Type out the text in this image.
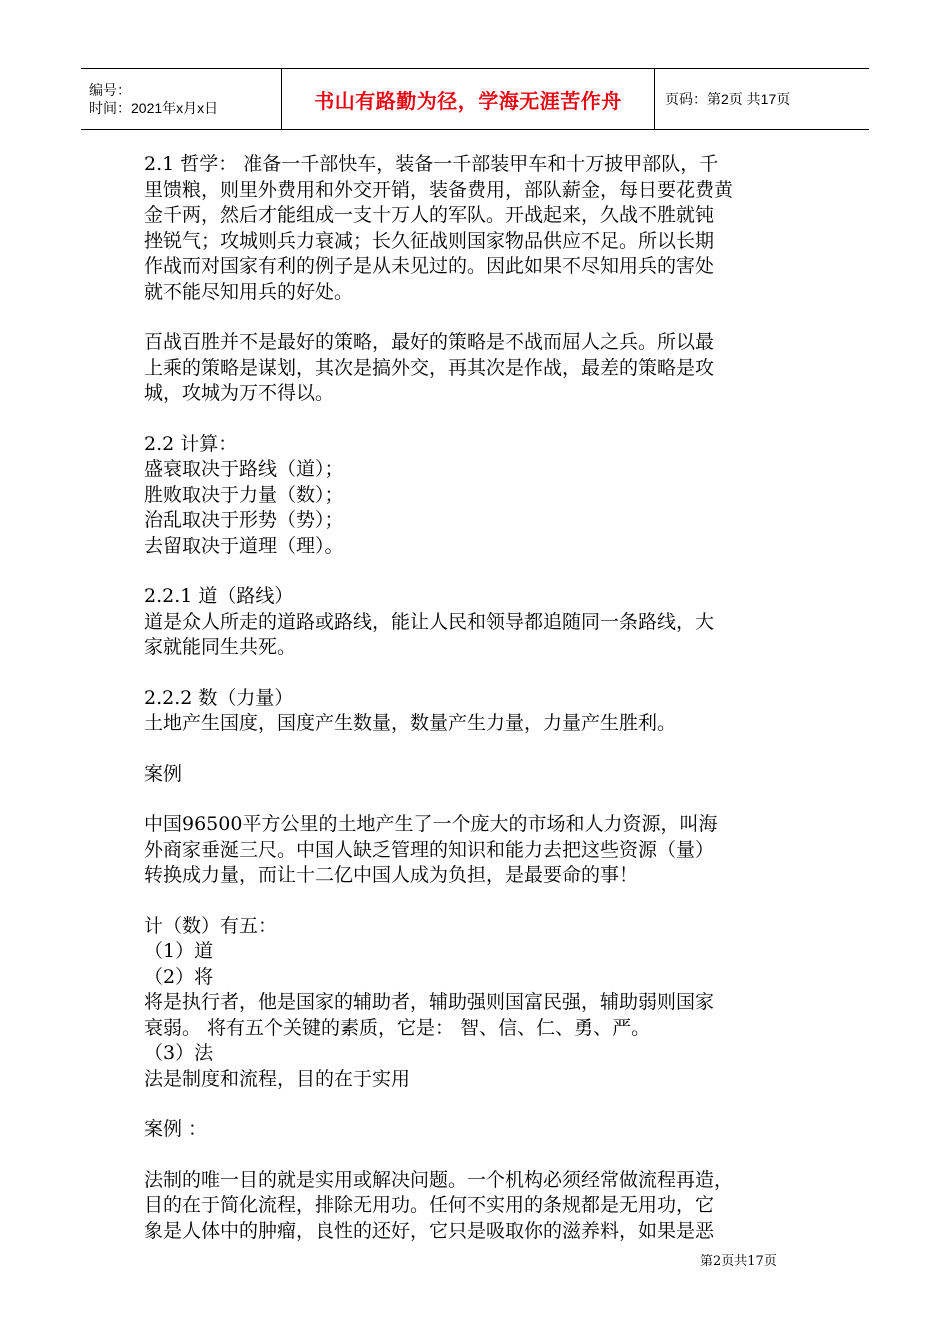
编号：
时间：2021年x月x日	书山有路勤为径，学海无涯苦作舟	页码：第2页 共17页

2.1 哲学： 准备一千部快车，装备一千部装甲车和十万披甲部队，千
里馈粮，则里外费用和外交开销，装备费用，部队薪金，每日要花费黄
金千两，然后才能组成一支十万人的军队。开战起来，久战不胜就钝
挫锐气；攻城则兵力衰减；长久征战则国家物品供应不足。所以长期
作战而对国家有利的例子是从未见过的。因此如果不尽知用兵的害处
就不能尽知用兵的好处。

百战百胜并不是最好的策略，最好的策略是不战而屈人之兵。所以最
上乘的策略是谋划，其次是搞外交，再其次是作战，最差的策略是攻
城，攻城为万不得以。

2.2 计算：
盛衰取决于路线（道）；
胜败取决于力量（数）；
治乱取决于形势（势）；
去留取决于道理（理）。

2.2.1 道（路线）
道是众人所走的道路或路线，能让人民和领导都追随同一条路线，大
家就能同生共死。

2.2.2 数（力量）
土地产生国度，国度产生数量，数量产生力量，力量产生胜利。

案例

中国96500平方公里的土地产生了一个庞大的市场和人力资源，叫海
外商家垂涎三尺。中国人缺乏管理的知识和能力去把这些资源（量）
转换成力量，而让十二亿中国人成为负担，是最要命的事！

计（数）有五：
（1）道
（2）将
将是执行者，他是国家的辅助者，辅助强则国富民强，辅助弱则国家
衰弱。 将有五个关键的素质，它是： 智、信、仁、勇、严。
（3）法
法是制度和流程，目的在于实用

案例 ：

法制的唯一目的就是实用或解决问题。一个机构必须经常做流程再造，
目的在于简化流程，排除无用功。任何不实用的条规都是无用功，它
象是人体中的肿瘤，良性的还好，它只是吸取你的滋养料，如果是恶

第2页共17页
